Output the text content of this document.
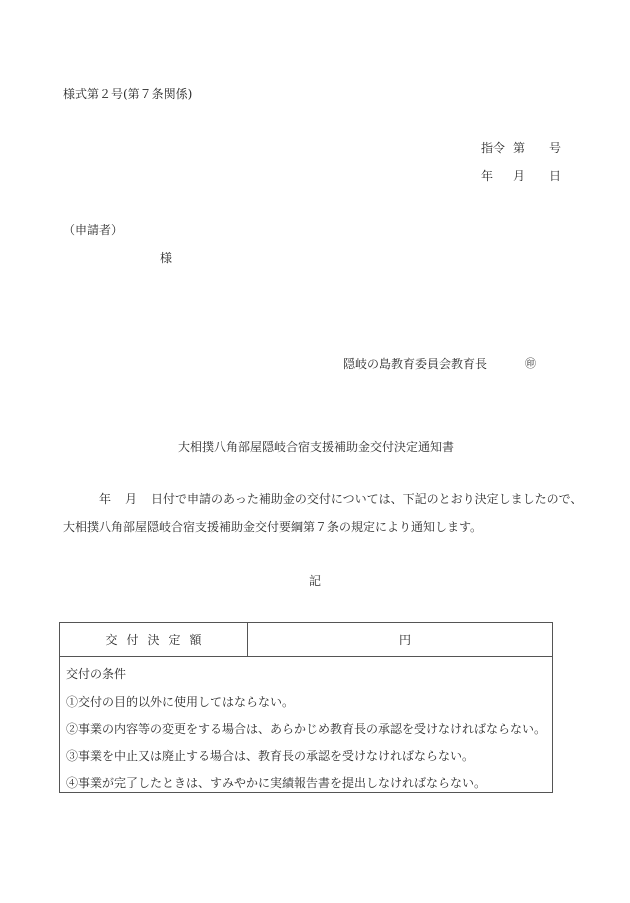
様式第２号(第７条関係)
指令 第 号
年 月 日
（申請者）
様
隠岐の島教育委員会教育長	㊞
大相撲八角部屋隠岐合宿支援補助金交付決定通知書
年 月 日付で申請のあった補助金の交付については、下記のとおり決定しましたので、
大相撲八角部屋隠岐合宿支援補助金交付要綱第７条の規定により通知します。
記
交付決定額	円
交付の条件
①交付の目的以外に使用してはならない。
②事業の内容等の変更をする場合は、あらかじめ教育長の承認を受けなければならない。
③事業を中止又は廃止する場合は、教育長の承認を受けなければならない。
④事業が完了したときは、すみやかに実績報告書を提出しなければならない。
